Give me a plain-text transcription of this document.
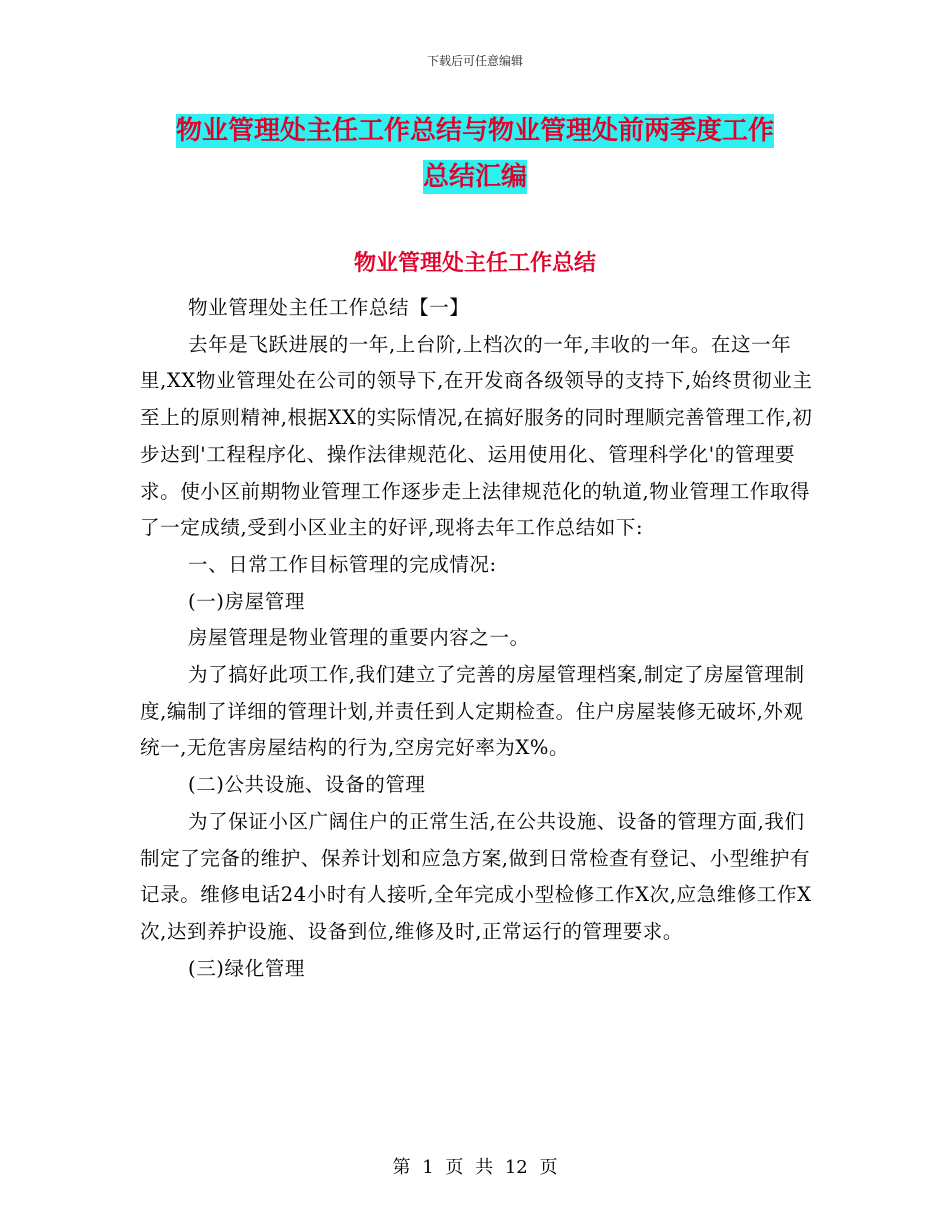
下载后可任意编辑
物业管理处主任工作总结与物业管理处前两季度工作
总结汇编
物业管理处主任工作总结

物业管理处主任工作总结【一】

去年是飞跃进展的一年,上台阶,上档次的一年,丰收的一年。在这一年里,XX物业管理处在公司的领导下,在开发商各级领导的支持下,始终贯彻业主至上的原则精神,根据XX的实际情况,在搞好服务的同时理顺完善管理工作,初步达到'工程程序化、操作法律规范化、运用使用化、管理科学化'的管理要求。使小区前期物业管理工作逐步走上法律规范化的轨道,物业管理工作取得了一定成绩,受到小区业主的好评,现将去年工作总结如下:

一、日常工作目标管理的完成情况:

(一)房屋管理

房屋管理是物业管理的重要内容之一。

为了搞好此项工作,我们建立了完善的房屋管理档案,制定了房屋管理制度,编制了详细的管理计划,并责任到人定期检查。住户房屋装修无破坏,外观统一,无危害房屋结构的行为,空房完好率为X%。

(二)公共设施、设备的管理

为了保证小区广阔住户的正常生活,在公共设施、设备的管理方面,我们制定了完备的维护、保养计划和应急方案,做到日常检查有登记、小型维护有记录。维修电话24小时有人接听,全年完成小型检修工作X次,应急维修工作X次,达到养护设施、设备到位,维修及时,正常运行的管理要求。

(三)绿化管理

第 1 页 共 12 页
